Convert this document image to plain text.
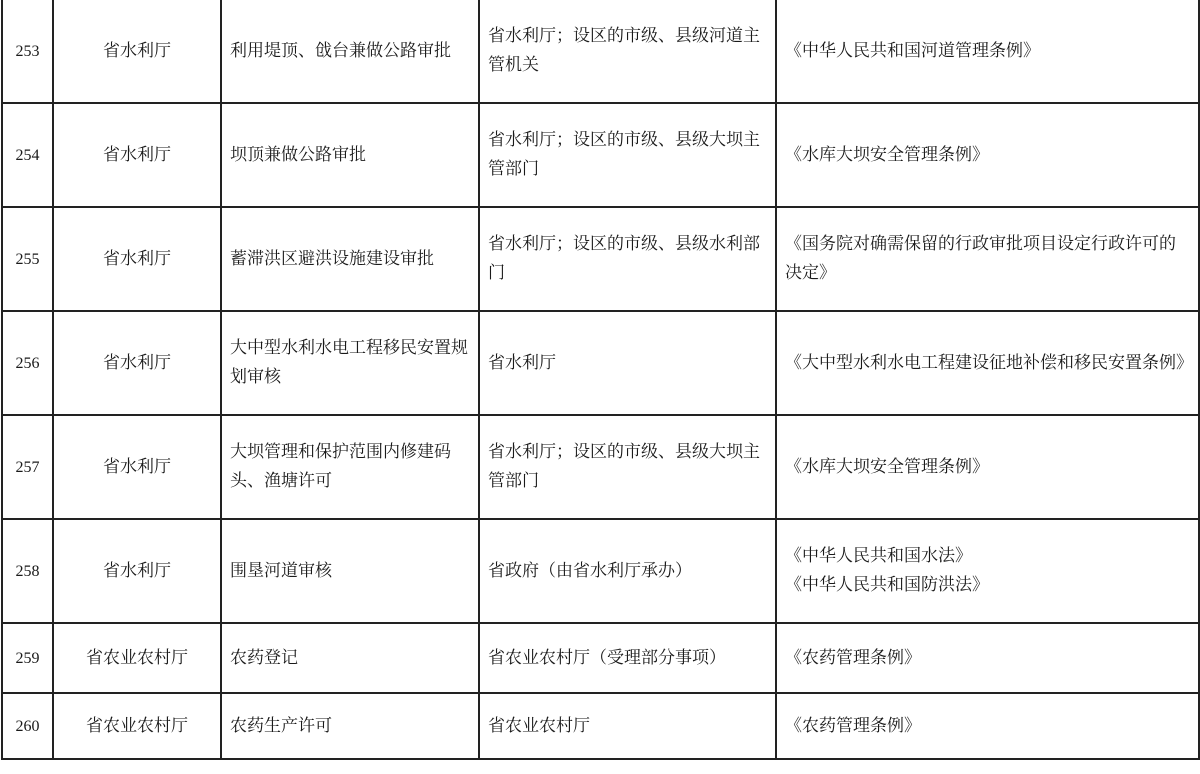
253	省水利厅	利用堤顶、戗台兼做公路审批	省水利厅；设区的市级、县级河道主管机关	《中华人民共和国河道管理条例》

254	省水利厅	坝顶兼做公路审批	省水利厅；设区的市级、县级大坝主管部门	《水库大坝安全管理条例》

255	省水利厅	蓄滞洪区避洪设施建设审批	省水利厅；设区的市级、县级水利部门	《国务院对确需保留的行政审批项目设定行政许可的决定》

256	省水利厅	大中型水利水电工程移民安置规划审核	省水利厅	《大中型水利水电工程建设征地补偿和移民安置条例》

257	省水利厅	大坝管理和保护范围内修建码头、渔塘许可	省水利厅；设区的市级、县级大坝主管部门	《水库大坝安全管理条例》

258	省水利厅	围垦河道审核	省政府（由省水利厅承办）	《中华人民共和国水法》
《中华人民共和国防洪法》

259	省农业农村厅	农药登记	省农业农村厅（受理部分事项）	《农药管理条例》

260	省农业农村厅	农药生产许可	省农业农村厅	《农药管理条例》
